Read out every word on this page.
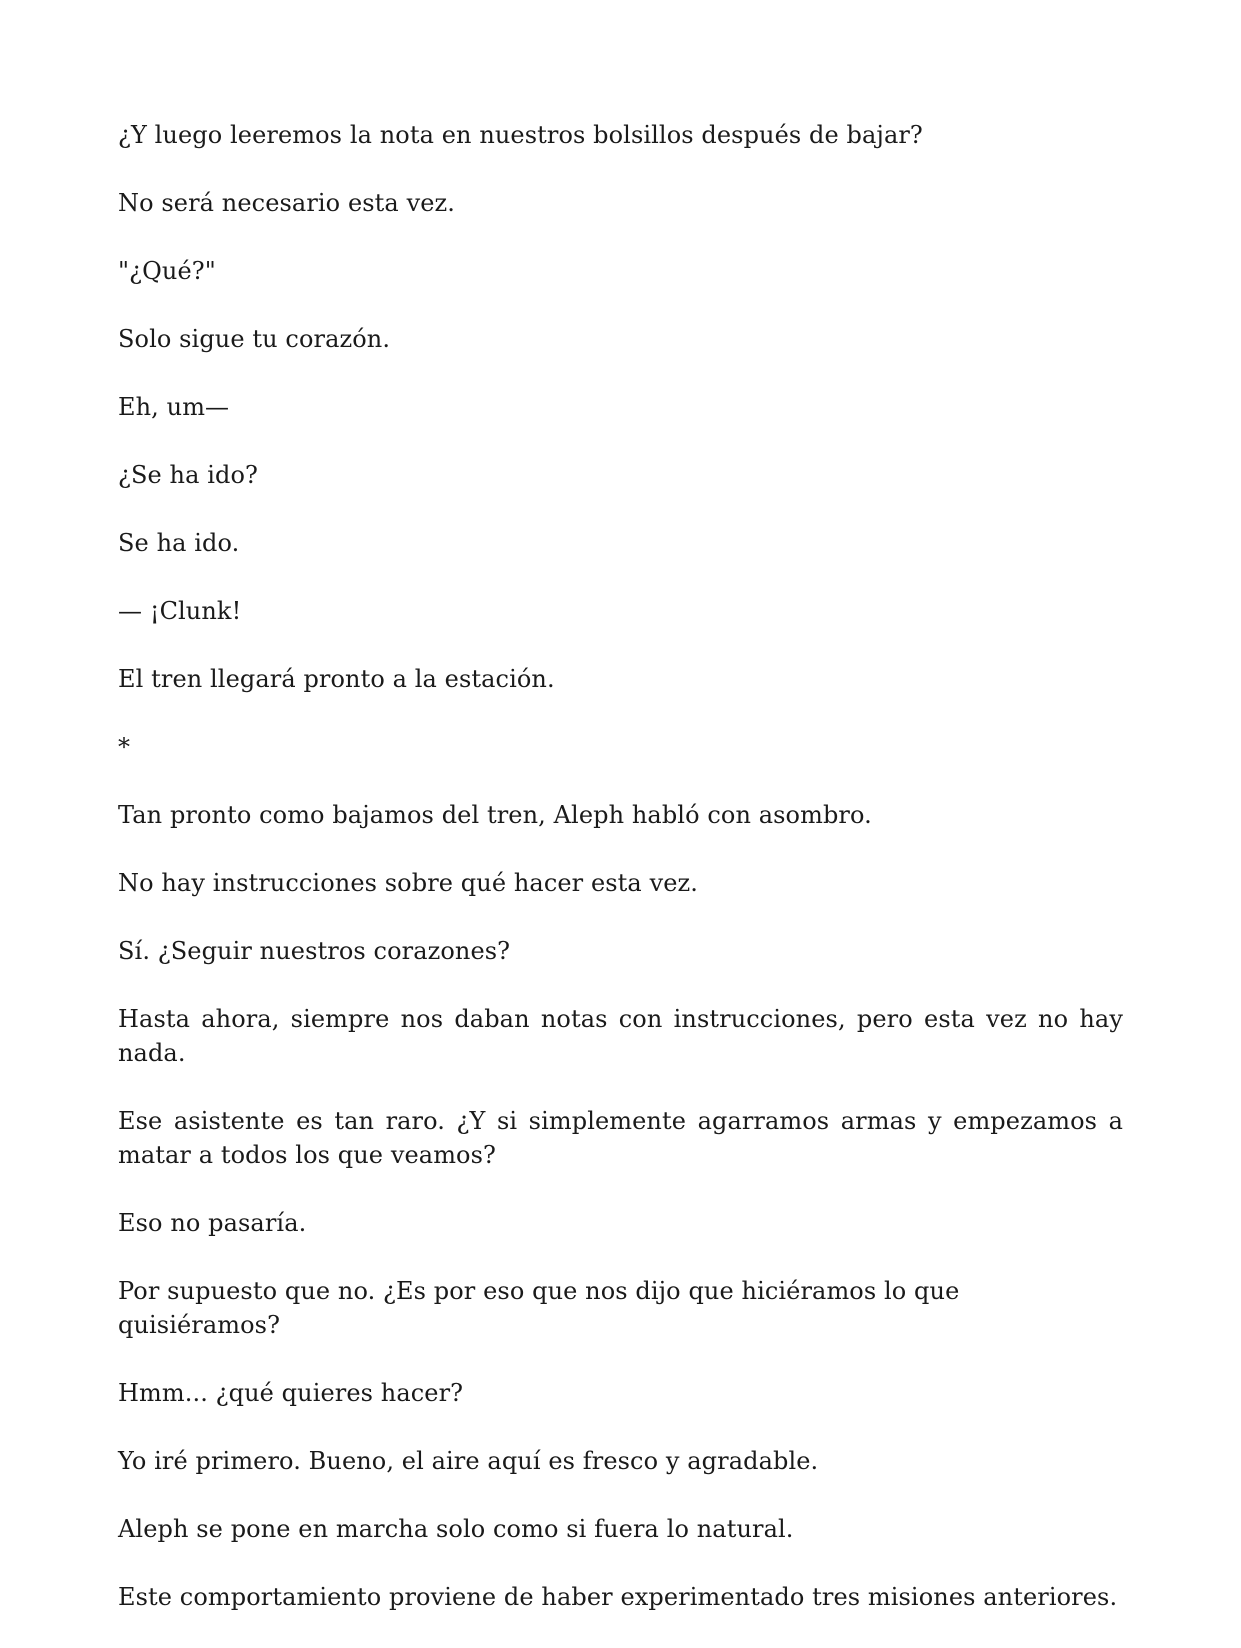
¿Y luego leeremos la nota en nuestros bolsillos después de bajar?

No será necesario esta vez.

"¿Qué?"

Solo sigue tu corazón.

Eh, um—

¿Se ha ido?

Se ha ido.

— ¡Clunk!

El tren llegará pronto a la estación.

*

Tan pronto como bajamos del tren, Aleph habló con asombro.

No hay instrucciones sobre qué hacer esta vez.

Sí. ¿Seguir nuestros corazones?

Hasta ahora, siempre nos daban notas con instrucciones, pero esta vez no hay nada.

Ese asistente es tan raro. ¿Y si simplemente agarramos armas y empezamos a matar a todos los que veamos?

Eso no pasaría.

Por supuesto que no. ¿Es por eso que nos dijo que hiciéramos lo que quisiéramos?

Hmm... ¿qué quieres hacer?

Yo iré primero. Bueno, el aire aquí es fresco y agradable.

Aleph se pone en marcha solo como si fuera lo natural.

Este comportamiento proviene de haber experimentado tres misiones anteriores.
